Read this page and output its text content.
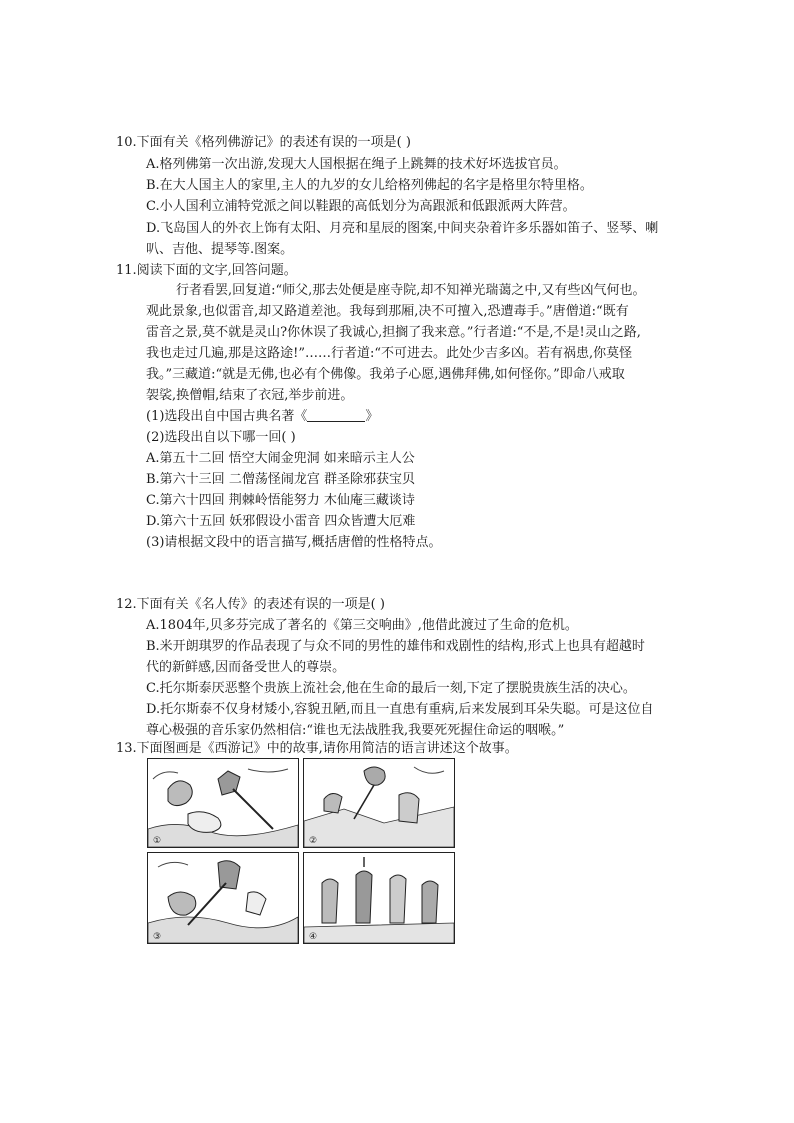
10.下面有关《格列佛游记》的表述有误的一项是( )
A.格列佛第一次出游,发现大人国根据在绳子上跳舞的技术好坏选拔官员。
B.在大人国主人的家里,主人的九岁的女儿给格列佛起的名字是格里尔特里格。
C.小人国利立浦特党派之间以鞋跟的高低划分为高跟派和低跟派两大阵营。
D.飞岛国人的外衣上饰有太阳、月亮和星辰的图案,中间夹杂着许多乐器如笛子、竖琴、喇
叭、吉他、提琴等.图案。
11.阅读下面的文字,回答问题。
行者看罢,回复道:“师父,那去处便是座寺院,却不知禅光瑞蔼之中,又有些凶气何也。
观此景象,也似雷音,却又路道差池。我每到那厢,决不可擅入,恐遭毒手。”唐僧道:“既有
雷音之景,莫不就是灵山?你休误了我诚心,担搁了我来意。”行者道:“不是,不是!灵山之路,
我也走过几遍,那是这路途!”……行者道:“不可进去。此处少吉多凶。若有祸患,你莫怪
我。”三藏道:“就是无佛,也必有个佛像。我弟子心愿,遇佛拜佛,如何怪你。”即命八戒取
袈裟,换僧帽,结束了衣冠,举步前进。
(1)选段出自中国古典名著《	》
(2)选段出自以下哪一回( )
A.第五十二回 悟空大闹金兜洞 如来暗示主人公
B.第六十三回 二僧荡怪闹龙宫 群圣除邪获宝贝
C.第六十四回 荆棘岭悟能努力 木仙庵三藏谈诗
D.第六十五回 妖邪假设小雷音 四众皆遭大厄难
(3)请根据文段中的语言描写,概括唐僧的性格特点。
12.下面有关《名人传》的表述有误的一项是( )
A.1804年,贝多芬完成了著名的《第三交响曲》,他借此渡过了生命的危机。
B.米开朗琪罗的作品表现了与众不同的男性的雄伟和戏剧性的结构,形式上也具有超越时
代的新鲜感,因而备受世人的尊崇。
C.托尔斯泰厌恶整个贵族上流社会,他在生命的最后一刻,下定了摆脱贵族生活的决心。
D.托尔斯泰不仅身材矮小,容貌丑陋,而且一直患有重病,后来发展到耳朵失聪。可是这位自
尊心极强的音乐家仍然相信:“谁也无法战胜我,我要死死握住命运的咽喉。”
13.下面图画是《西游记》中的故事,请你用简洁的语言讲述这个故事。
①	②
③	④
